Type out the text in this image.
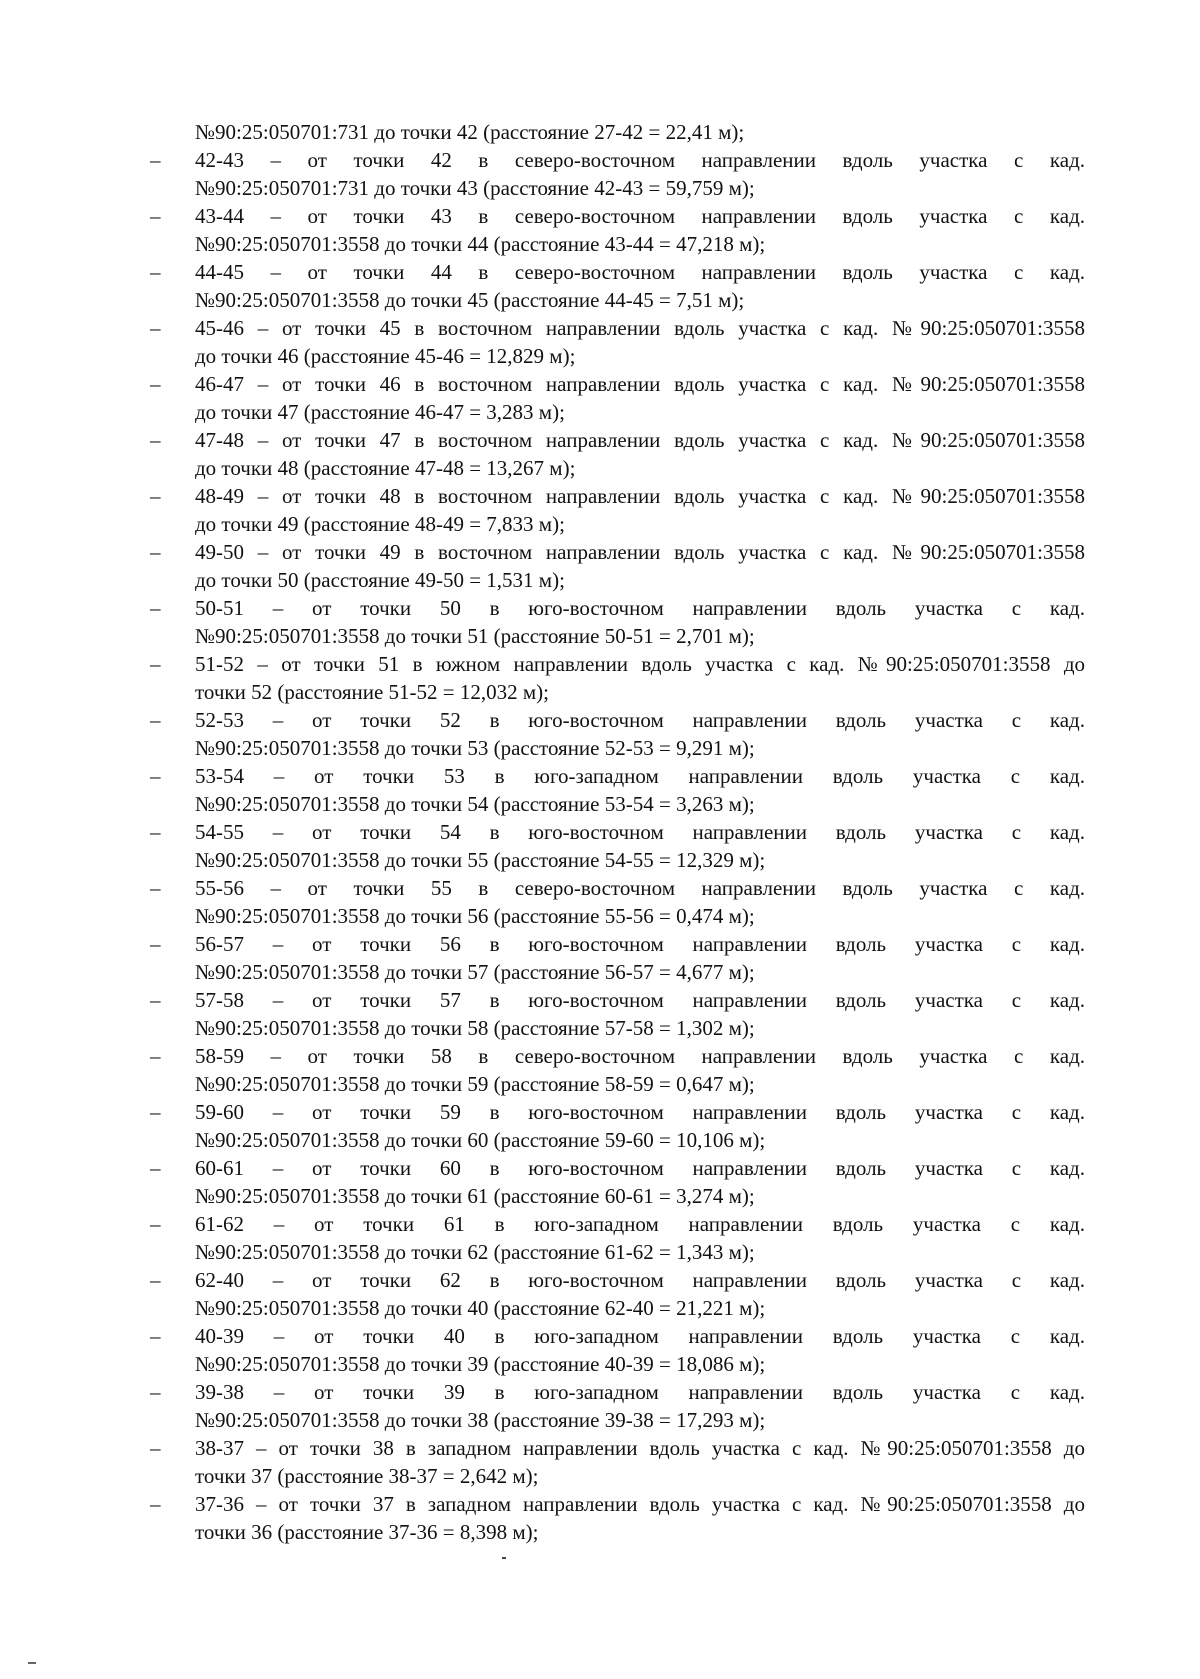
№90:25:050701:731 до точки 42 (расстояние 27-42 = 22,41 м);
–	42-43 – от точки 42 в северо-восточном направлении вдоль участка с кад.
№90:25:050701:731 до точки 43 (расстояние 42-43 = 59,759 м);
–	43-44 – от точки 43 в северо-восточном направлении вдоль участка с кад.
№90:25:050701:3558 до точки 44 (расстояние 43-44 = 47,218 м);
–	44-45 – от точки 44 в северо-восточном направлении вдоль участка с кад.
№90:25:050701:3558 до точки 45 (расстояние 44-45 = 7,51 м);
–	45-46 – от точки 45 в восточном направлении вдоль участка с кад. №90:25:050701:3558
до точки 46 (расстояние 45-46 = 12,829 м);
–	46-47 – от точки 46 в восточном направлении вдоль участка с кад. №90:25:050701:3558
до точки 47 (расстояние 46-47 = 3,283 м);
–	47-48 – от точки 47 в восточном направлении вдоль участка с кад. №90:25:050701:3558
до точки 48 (расстояние 47-48 = 13,267 м);
–	48-49 – от точки 48 в восточном направлении вдоль участка с кад. №90:25:050701:3558
до точки 49 (расстояние 48-49 = 7,833 м);
–	49-50 – от точки 49 в восточном направлении вдоль участка с кад. №90:25:050701:3558
до точки 50 (расстояние 49-50 = 1,531 м);
–	50-51 – от точки 50 в юго-восточном направлении вдоль участка с кад.
№90:25:050701:3558 до точки 51 (расстояние 50-51 = 2,701 м);
–	51-52 – от точки 51 в южном направлении вдоль участка с кад. №90:25:050701:3558 до
точки 52 (расстояние 51-52 = 12,032 м);
–	52-53 – от точки 52 в юго-восточном направлении вдоль участка с кад.
№90:25:050701:3558 до точки 53 (расстояние 52-53 = 9,291 м);
–	53-54 – от точки 53 в юго-западном направлении вдоль участка с кад.
№90:25:050701:3558 до точки 54 (расстояние 53-54 = 3,263 м);
–	54-55 – от точки 54 в юго-восточном направлении вдоль участка с кад.
№90:25:050701:3558 до точки 55 (расстояние 54-55 = 12,329 м);
–	55-56 – от точки 55 в северо-восточном направлении вдоль участка с кад.
№90:25:050701:3558 до точки 56 (расстояние 55-56 = 0,474 м);
–	56-57 – от точки 56 в юго-восточном направлении вдоль участка с кад.
№90:25:050701:3558 до точки 57 (расстояние 56-57 = 4,677 м);
–	57-58 – от точки 57 в юго-восточном направлении вдоль участка с кад.
№90:25:050701:3558 до точки 58 (расстояние 57-58 = 1,302 м);
–	58-59 – от точки 58 в северо-восточном направлении вдоль участка с кад.
№90:25:050701:3558 до точки 59 (расстояние 58-59 = 0,647 м);
–	59-60 – от точки 59 в юго-восточном направлении вдоль участка с кад.
№90:25:050701:3558 до точки 60 (расстояние 59-60 = 10,106 м);
–	60-61 – от точки 60 в юго-восточном направлении вдоль участка с кад.
№90:25:050701:3558 до точки 61 (расстояние 60-61 = 3,274 м);
–	61-62 – от точки 61 в юго-западном направлении вдоль участка с кад.
№90:25:050701:3558 до точки 62 (расстояние 61-62 = 1,343 м);
–	62-40 – от точки 62 в юго-восточном направлении вдоль участка с кад.
№90:25:050701:3558 до точки 40 (расстояние 62-40 = 21,221 м);
–	40-39 – от точки 40 в юго-западном направлении вдоль участка с кад.
№90:25:050701:3558 до точки 39 (расстояние 40-39 = 18,086 м);
–	39-38 – от точки 39 в юго-западном направлении вдоль участка с кад.
№90:25:050701:3558 до точки 38 (расстояние 39-38 = 17,293 м);
–	38-37 – от точки 38 в западном направлении вдоль участка с кад. №90:25:050701:3558 до
точки 37 (расстояние 38-37 = 2,642 м);
–	37-36 – от точки 37 в западном направлении вдоль участка с кад. №90:25:050701:3558 до
точки 36 (расстояние 37-36 = 8,398 м);
